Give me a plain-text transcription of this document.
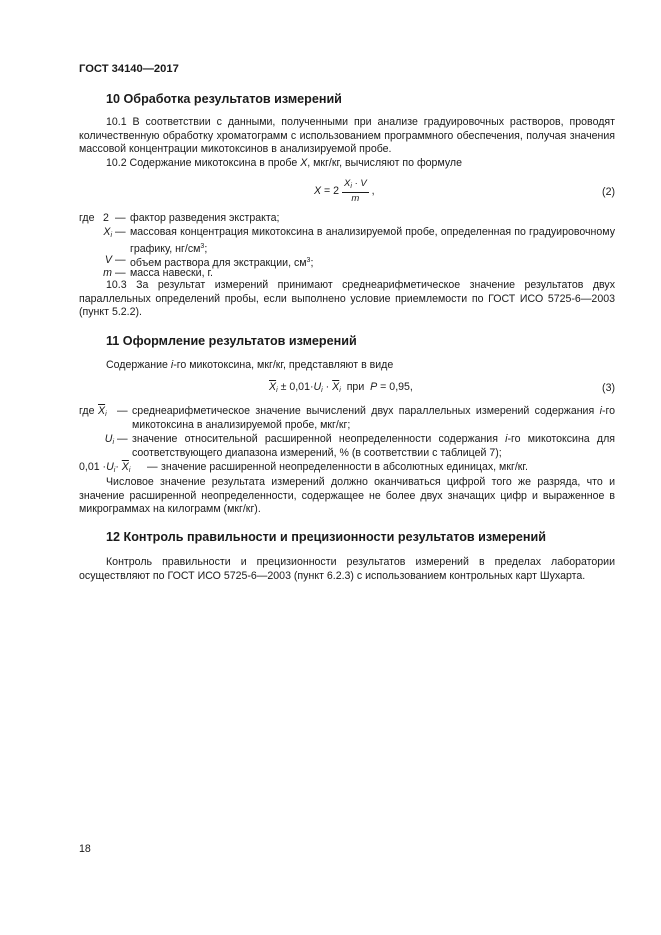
ГОСТ 34140—2017
10 Обработка результатов измерений
10.1 В соответствии с данными, полученными при анализе градуировочных растворов, проводят количественную обработку хроматограмм с использованием программного обеспечения, получая значения массовой концентрации микотоксинов в анализируемой пробе.
10.2 Содержание микотоксина в пробе X, мкг/кг, вычисляют по формуле
$X = 2 \frac{X_i \cdot V}{m}$ ,	(2)
где 2 — фактор разведения экстракта;
$X_i$ — массовая концентрация микотоксина в анализируемой пробе, определенная по градуировочному графику, $нг/см^3$;
V — объем раствора для экстракции, $см^3$;
m — масса навески, г.
10.3 За результат измерений принимают среднеарифметическое значение результатов двух параллельных определений пробы, если выполнено условие приемлемости по ГОСТ ИСО 5725-6—2003 (пункт 5.2.2).
11 Оформление результатов измерений
Содержание i-го микотоксина, мкг/кг, представляют в виде
$\overline{X}_i \pm 0,01\cdot U_i \cdot \overline{X}_i$ при P = 0,95,	(3)
где $\overline{X}_i$ — среднеарифметическое значение вычислений двух параллельных измерений содержания i-го микотоксина в анализируемой пробе, мкг/кг;
$U_i$ — значение относительной расширенной неопределенности содержания i-го микотоксина для соответствующего диапазона измерений, % (в соответствии с таблицей 7);
$0,01 \cdot U_i\cdot \overline{X}_i$ — значение расширенной неопределенности в абсолютных единицах, мкг/кг.
Числовое значение результата измерений должно оканчиваться цифрой того же разряда, что и значение расширенной неопределенности, содержащее не более двух значащих цифр и выраженное в микрограммах на килограмм (мкг/кг).
12 Контроль правильности и прецизионности результатов измерений
Контроль правильности и прецизионности результатов измерений в пределах лаборатории осуществляют по ГОСТ ИСО 5725-6—2003 (пункт 6.2.3) с использованием контрольных карт Шухарта.
18
